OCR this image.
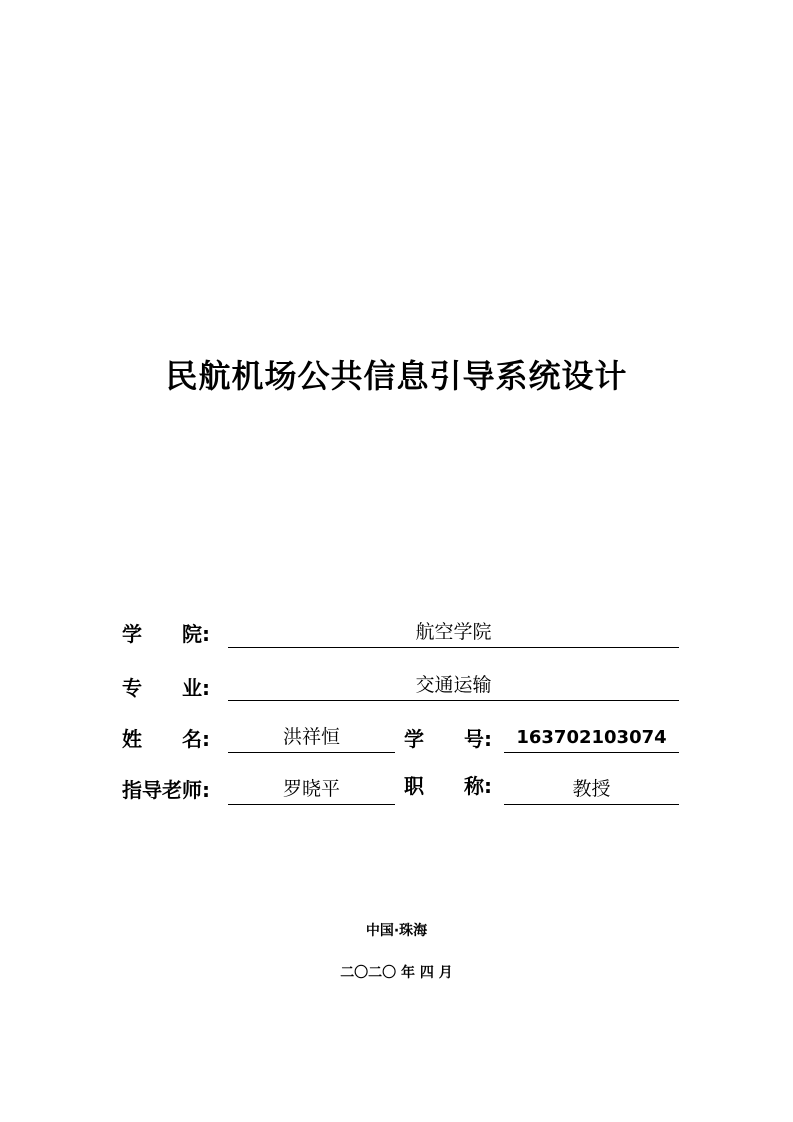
民航机场公共信息引导系统设计
学　　院:	航空学院
专　　业:	交通运输
姓　　名:	洪祥恒	学　　号:	163702103074
指导老师:	罗晓平	职　　称:	教授
中国·珠海
二〇二〇 年 四 月
